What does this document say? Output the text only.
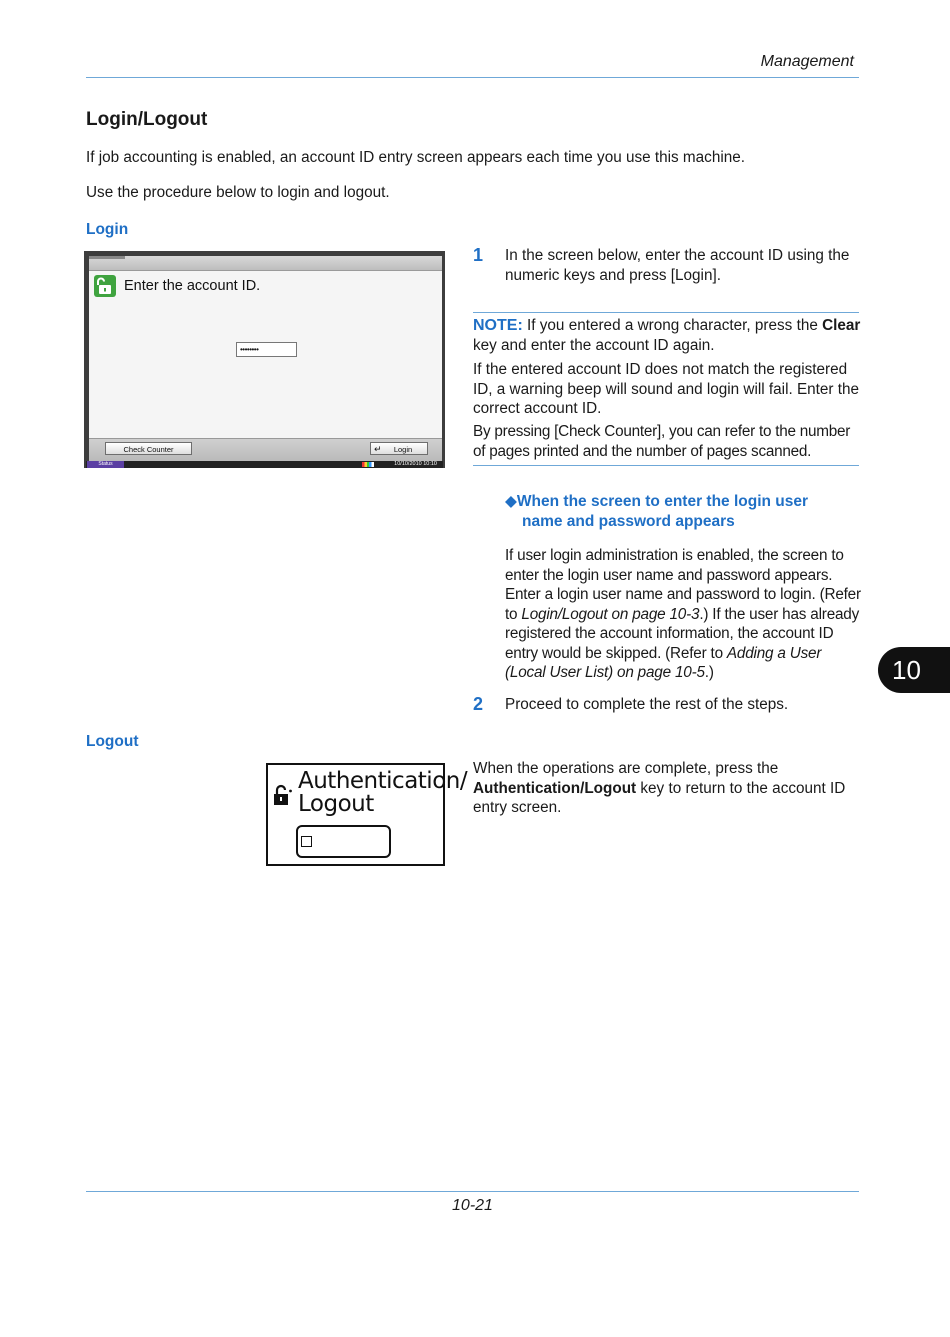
Management
Login/Logout
If job accounting is enabled, an account ID entry screen appears each time you use this machine.
Use the procedure below to login and logout.
Login
Enter the account ID.
••••••••
Check Counter	↵ Login
Status	10/10/2010 10:10
1 In the screen below, enter the account ID using the numeric keys and press [Login].
NOTE: If you entered a wrong character, press the Clear key and enter the account ID again.
If the entered account ID does not match the registered ID, a warning beep will sound and login will fail. Enter the correct account ID.
By pressing [Check Counter], you can refer to the number of pages printed and the number of pages scanned.
◆When the screen to enter the login user
name and password appears
If user login administration is enabled, the screen to enter the login user name and password appears. Enter a login user name and password to login. (Refer to Login/Logout on page 10-3.) If the user has already registered the account information, the account ID entry would be skipped. (Refer to Adding a User (Local User List) on page 10-5.)
2 Proceed to complete the rest of the steps.
10
Logout
Authentication/
Logout
When the operations are complete, press the Authentication/Logout key to return to the account ID entry screen.
10-21
